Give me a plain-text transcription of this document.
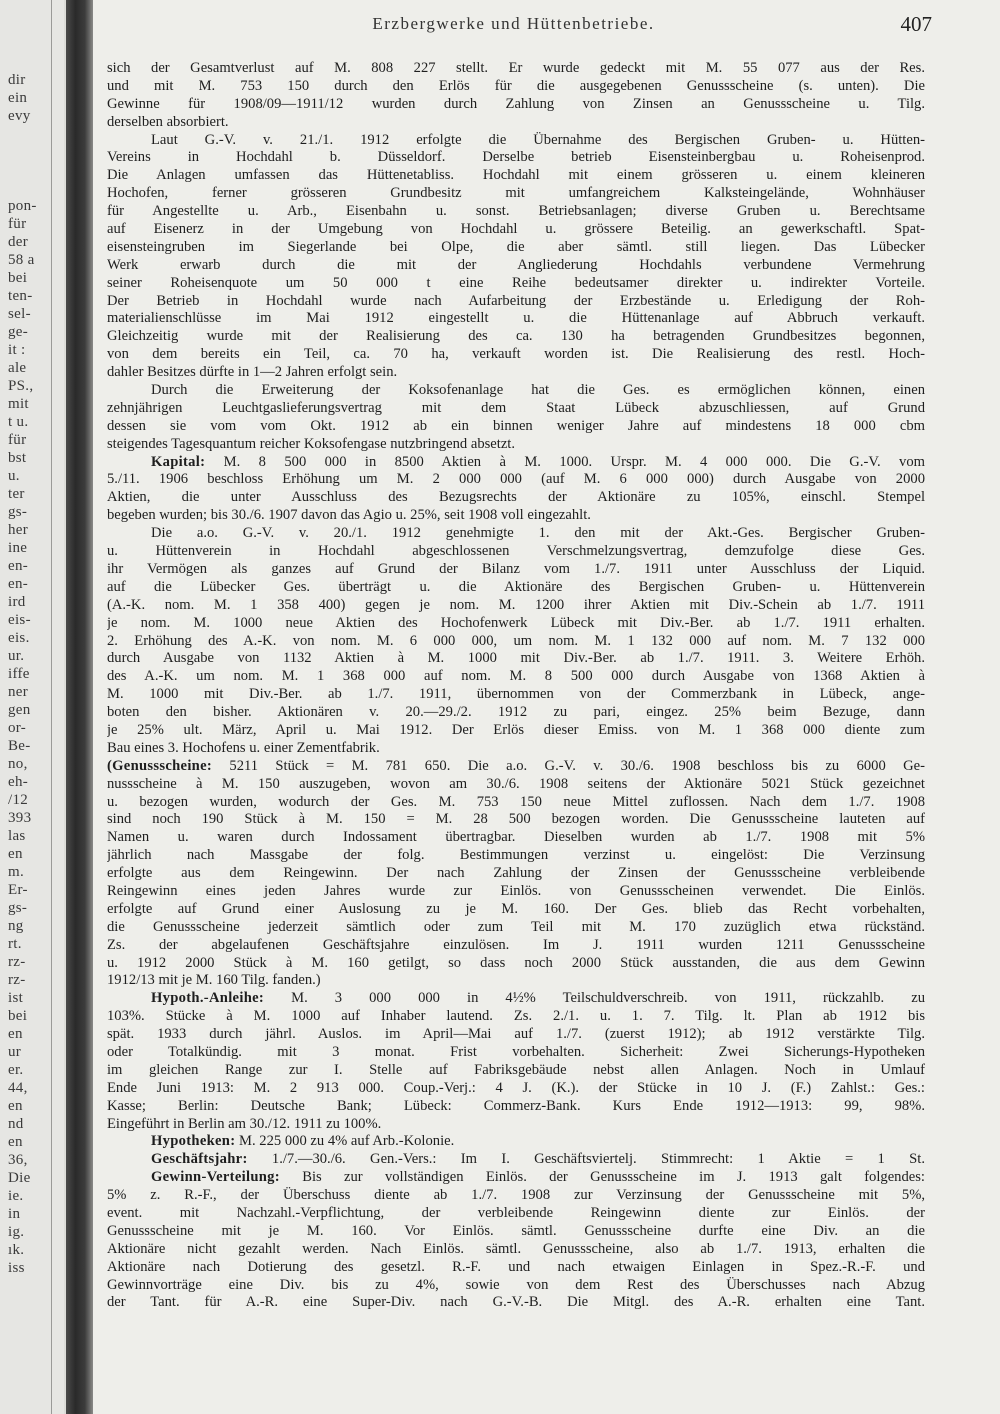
dir
ein
evy
pon-
für
der
58 a
bei
ten-
sel-
ge-
it :
ale
PS.,
mit
t u.
für
bst
u.
ter
gs-
her
ine
en-
en-
ird
eis-
eis.
ur.
iffe
ner
gen
or-
Be-
no,
eh-
/12
393
las
en
m.
Er-
gs-
ng
rt.
rz-
rz-
ist
bei
en
ur
er.
44,
en
nd
en
36,
Die
ie.
in
ig.
ık.
iss
Erzbergwerke und Hüttenbetriebe.	407
sich der Gesamtverlust auf M. 808 227 stellt. Er wurde gedeckt mit M. 55 077 aus der Res.
und mit M. 753 150 durch den Erlös für die ausgegebenen Genussscheine (s. unten). Die
Gewinne für 1908/09—1911/12 wurden durch Zahlung von Zinsen an Genussscheine u. Tilg.
derselben absorbiert.
Laut G.-V. v. 21./1. 1912 erfolgte die Übernahme des Bergischen Gruben- u. Hütten-
Vereins in Hochdahl b. Düsseldorf. Derselbe betrieb Eisensteinbergbau u. Roheisenprod.
Die Anlagen umfassen das Hüttenetabliss. Hochdahl mit einem grösseren u. einem kleineren
Hochofen, ferner grösseren Grundbesitz mit umfangreichem Kalksteingelände, Wohnhäuser
für Angestellte u. Arb., Eisenbahn u. sonst. Betriebsanlagen; diverse Gruben u. Berechtsame
auf Eisenerz in der Umgebung von Hochdahl u. grössere Beteilig. an gewerkschaftl. Spat-
eisensteingruben im Siegerlande bei Olpe, die aber sämtl. still liegen. Das Lübecker
Werk erwarb durch die mit der Angliederung Hochdahls verbundene Vermehrung
seiner Roheisenquote um 50 000 t eine Reihe bedeutsamer direkter u. indirekter Vorteile.
Der Betrieb in Hochdahl wurde nach Aufarbeitung der Erzbestände u. Erledigung der Roh-
materialienschlüsse im Mai 1912 eingestellt u. die Hüttenanlage auf Abbruch verkauft.
Gleichzeitig wurde mit der Realisierung des ca. 130 ha betragenden Grundbesitzes begonnen,
von dem bereits ein Teil, ca. 70 ha, verkauft worden ist. Die Realisierung des restl. Hoch-
dahler Besitzes dürfte in 1—2 Jahren erfolgt sein.
Durch die Erweiterung der Koksofenanlage hat die Ges. es ermöglichen können, einen
zehnjährigen Leuchtgaslieferungsvertrag mit dem Staat Lübeck abzuschliessen, auf Grund
dessen sie vom vom Okt. 1912 ab ein binnen weniger Jahre auf mindestens 18 000 cbm
steigendes Tagesquantum reicher Koksofengase nutzbringend absetzt.
Kapital: M. 8 500 000 in 8500 Aktien à M. 1000. Urspr. M. 4 000 000. Die G.-V. vom
5./11. 1906 beschloss Erhöhung um M. 2 000 000 (auf M. 6 000 000) durch Ausgabe von 2000
Aktien, die unter Ausschluss des Bezugsrechts der Aktionäre zu 105%, einschl. Stempel
begeben wurden; bis 30./6. 1907 davon das Agio u. 25%, seit 1908 voll eingezahlt.
Die a.o. G.-V. v. 20./1. 1912 genehmigte 1. den mit der Akt.-Ges. Bergischer Gruben-
u. Hüttenverein in Hochdahl abgeschlossenen Verschmelzungsvertrag, demzufolge diese Ges.
ihr Vermögen als ganzes auf Grund der Bilanz vom 1./7. 1911 unter Ausschluss der Liquid.
auf die Lübecker Ges. überträgt u. die Aktionäre des Bergischen Gruben- u. Hüttenverein
(A.-K. nom. M. 1 358 400) gegen je nom. M. 1200 ihrer Aktien mit Div.-Schein ab 1./7. 1911
je nom. M. 1000 neue Aktien des Hochofenwerk Lübeck mit Div.-Ber. ab 1./7. 1911 erhalten.
2. Erhöhung des A.-K. von nom. M. 6 000 000, um nom. M. 1 132 000 auf nom. M. 7 132 000
durch Ausgabe von 1132 Aktien à M. 1000 mit Div.-Ber. ab 1./7. 1911. 3. Weitere Erhöh.
des A.-K. um nom. M. 1 368 000 auf nom. M. 8 500 000 durch Ausgabe von 1368 Aktien à
M. 1000 mit Div.-Ber. ab 1./7. 1911, übernommen von der Commerzbank in Lübeck, ange-
boten den bisher. Aktionären v. 20.—29./2. 1912 zu pari, eingez. 25% beim Bezuge, dann
je 25% ult. März, April u. Mai 1912. Der Erlös dieser Emiss. von M. 1 368 000 diente zum
Bau eines 3. Hochofens u. einer Zementfabrik.
(Genussscheine: 5211 Stück = M. 781 650. Die a.o. G.-V. v. 30./6. 1908 beschloss bis zu 6000 Ge-
nussscheine à M. 150 auszugeben, wovon am 30./6. 1908 seitens der Aktionäre 5021 Stück gezeichnet
u. bezogen wurden, wodurch der Ges. M. 753 150 neue Mittel zuflossen. Nach dem 1./7. 1908
sind noch 190 Stück à M. 150 = M. 28 500 bezogen worden. Die Genussscheine lauteten auf
Namen u. waren durch Indossament übertragbar. Dieselben wurden ab 1./7. 1908 mit 5%
jährlich nach Massgabe der folg. Bestimmungen verzinst u. eingelöst: Die Verzinsung
erfolgte aus dem Reingewinn. Der nach Zahlung der Zinsen der Genussscheine verbleibende
Reingewinn eines jeden Jahres wurde zur Einlös. von Genussscheinen verwendet. Die Einlös.
erfolgte auf Grund einer Auslosung zu je M. 160. Der Ges. blieb das Recht vorbehalten,
die Genussscheine jederzeit sämtlich oder zum Teil mit M. 170 zuzüglich etwa rückständ.
Zs. der abgelaufenen Geschäftsjahre einzulösen. Im J. 1911 wurden 1211 Genussscheine
u. 1912 2000 Stück à M. 160 getilgt, so dass noch 2000 Stück ausstanden, die aus dem Gewinn
1912/13 mit je M. 160 Tilg. fanden.)
Hypoth.-Anleihe: M. 3 000 000 in 4½% Teilschuldverschreib. von 1911, rückzahlb. zu
103%. Stücke à M. 1000 auf Inhaber lautend. Zs. 2./1. u. 1. 7. Tilg. lt. Plan ab 1912 bis
spät. 1933 durch jährl. Auslos. im April—Mai auf 1./7. (zuerst 1912); ab 1912 verstärkte Tilg.
oder Totalkündig. mit 3 monat. Frist vorbehalten. Sicherheit: Zwei Sicherungs-Hypotheken
im gleichen Range zur I. Stelle auf Fabriksgebäude nebst allen Anlagen. Noch in Umlauf
Ende Juni 1913: M. 2 913 000. Coup.-Verj.: 4 J. (K.). der Stücke in 10 J. (F.) Zahlst.: Ges.:
Kasse; Berlin: Deutsche Bank; Lübeck: Commerz-Bank. Kurs Ende 1912—1913: 99, 98%.
Eingeführt in Berlin am 30./12. 1911 zu 100%.
Hypotheken: M. 225 000 zu 4% auf Arb.-Kolonie.
Geschäftsjahr: 1./7.—30./6. Gen.-Vers.: Im I. Geschäftsviertelj. Stimmrecht: 1 Aktie = 1 St.
Gewinn-Verteilung: Bis zur vollständigen Einlös. der Genussscheine im J. 1913 galt folgendes:
5% z. R.-F., der Überschuss diente ab 1./7. 1908 zur Verzinsung der Genussscheine mit 5%,
event. mit Nachzahl.-Verpflichtung, der verbleibende Reingewinn diente zur Einlös. der
Genussscheine mit je M. 160. Vor Einlös. sämtl. Genussscheine durfte eine Div. an die
Aktionäre nicht gezahlt werden. Nach Einlös. sämtl. Genussscheine, also ab 1./7. 1913, erhalten die
Aktionäre nach Dotierung des gesetzl. R.-F. und nach etwaigen Einlagen in Spez.-R.-F. und
Gewinnvorträge eine Div. bis zu 4%, sowie von dem Rest des Überschusses nach Abzug
der Tant. für A.-R. eine Super-Div. nach G.-V.-B. Die Mitgl. des A.-R. erhalten eine Tant.
